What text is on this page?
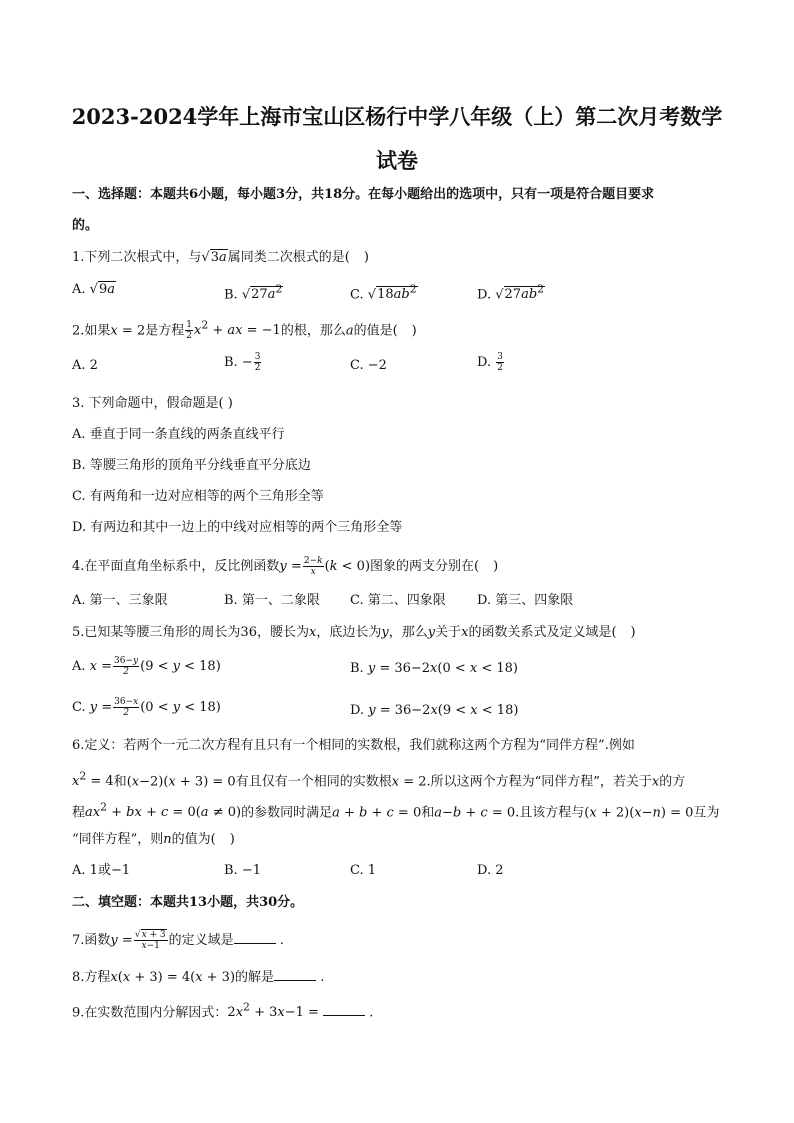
2023-2024学年上海市宝山区杨行中学八年级（上）第二次月考数学
试卷
一、选择题：本题共6小题，每小题3分，共18分。在每小题给出的选项中，只有一项是符合题目要求
的。
1.下列二次根式中，与√3a属同类二次根式的是( )
A. √9a	B. $√27a^2$	C. $√18ab^2$	D. $√27ab^2$
2.如果x = 2是方程 $\frac{1}{2} x^2$ + ax = −1的根，那么a的值是( )
A. 2	B. − $\frac{3}{2}$	C. −2	D. $\frac{3}{2}$
3. 下列命题中，假命题是( )
A. 垂直于同一条直线的两条直线平行
B. 等腰三角形的顶角平分线垂直平分底边
C. 有两角和一边对应相等的两个三角形全等
D. 有两边和其中一边上的中线对应相等的两个三角形全等
4.在平面直角坐标系中，反比例函数$y = \frac{2-k}{x} (k < 0)$图象的两支分别在( )
A. 第一、三象限	B. 第一、二象限 C. 第二、四象限 D. 第三、四象限
5.已知某等腰三角形的周长为36，腰长为x，底边长为y，那么y关于x的函数关系式及定义域是( )
A. $x = \frac{36-y}{2} (9 < y < 18)$	B. y = 36−2x(0 < x < 18)
C. $y = \frac{36-x}{2} (0 < y < 18)$	D. y = 36−2x(9 < x < 18)
6.定义：若两个一元二次方程有且只有一个相同的实数根，我们就称这两个方程为“同伴方程”.例如
$x^2 = 4$和(x−2)(x + 3) = 0有且仅有一个相同的实数根x = 2.所以这两个方程为“同伴方程”，若关于x的方
程$ax^2$ + bx + c = 0(a ≠ 0)的参数同时满足a + b + c = 0和a−b + c = 0.且该方程与(x + 2)(x−n) = 0互为
“同伴方程”，则n的值为( )
A. 1或−1	B. −1	C. 1	D. 2
二、填空题：本题共13小题，共30分。
7.函数$y = \frac{√x + 3}{x-1}$ 的定义域是	.
8.方程x(x + 3) = 4(x + 3)的解是	.
9.在实数范围内分解因式：$2x^2 + 3x-1$ =	.
